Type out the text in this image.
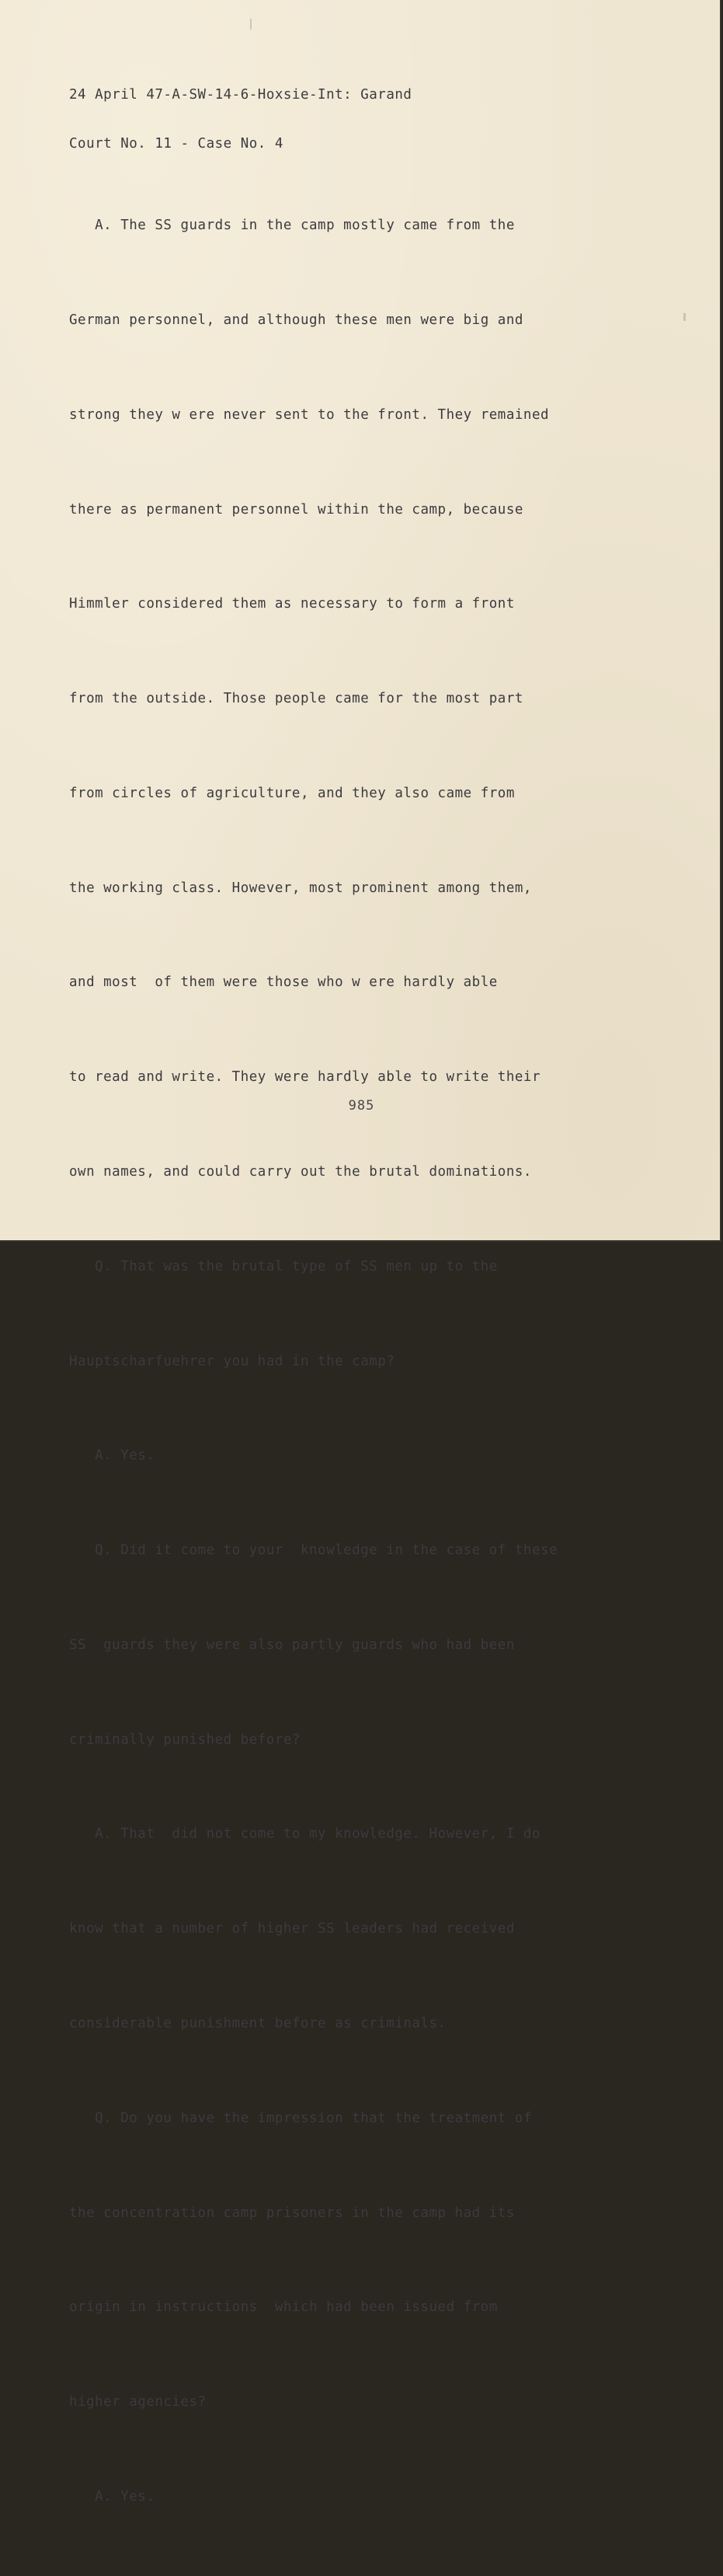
24 April 47-A-SW-14-6-Hoxsie-Int: Garand

Court No. 11 - Case No. 4

A. The SS guards in the camp mostly came from the

German personnel, and although these men were big and

strong they w ere never sent to the front. They remained

there as permanent personnel within the camp, because

Himmler considered them as necessary to form a front

from the outside. Those people came for the most part

from circles of agriculture, and they also came from

the working class. However, most prominent among them,

and most  of them were those who w ere hardly able

to read and write. They were hardly able to write their

own names, and could carry out the brutal dominations.

Q. That was the brutal type of SS men up to the

Hauptscharfuehrer you had in the camp?

A. Yes.

Q. Did it come to your  knowledge in the case of these

SS  guards they were also partly guards who had been

criminally punished before?

A. That  did not come to my knowledge. However, I do

know that a number of higher SS leaders had received

considerable punishment before as criminals.

Q. Do you have the impression that the treatment of

the concentration camp prisoners in the camp had its

origin in instructions  which had been issued from

higher agencies?

A. Yes.

985
